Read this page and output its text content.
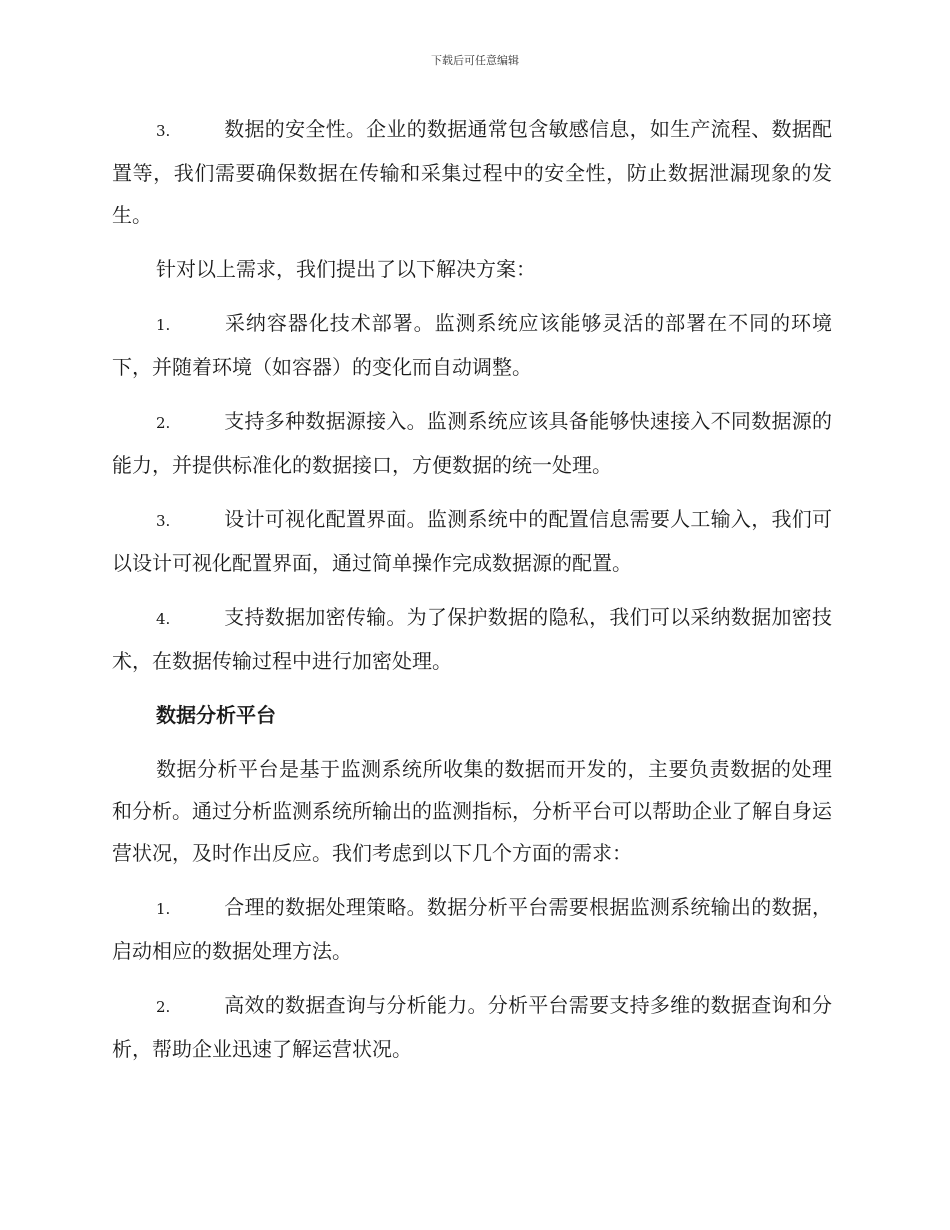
下载后可任意编辑

3.	数据的安全性。企业的数据通常包含敏感信息，如生产流程、数据配置等，我们需要确保数据在传输和采集过程中的安全性，防止数据泄漏现象的发生。

针对以上需求，我们提出了以下解决方案：

1.	采纳容器化技术部署。监测系统应该能够灵活的部署在不同的环境下，并随着环境（如容器）的变化而自动调整。

2.	支持多种数据源接入。监测系统应该具备能够快速接入不同数据源的能力，并提供标准化的数据接口，方便数据的统一处理。

3.	设计可视化配置界面。监测系统中的配置信息需要人工输入，我们可以设计可视化配置界面，通过简单操作完成数据源的配置。

4.	支持数据加密传输。为了保护数据的隐私，我们可以采纳数据加密技术，在数据传输过程中进行加密处理。

数据分析平台

数据分析平台是基于监测系统所收集的数据而开发的，主要负责数据的处理和分析。通过分析监测系统所输出的监测指标，分析平台可以帮助企业了解自身运营状况，及时作出反应。我们考虑到以下几个方面的需求：

1.	合理的数据处理策略。数据分析平台需要根据监测系统输出的数据，启动相应的数据处理方法。

2.	高效的数据查询与分析能力。分析平台需要支持多维的数据查询和分析，帮助企业迅速了解运营状况。
